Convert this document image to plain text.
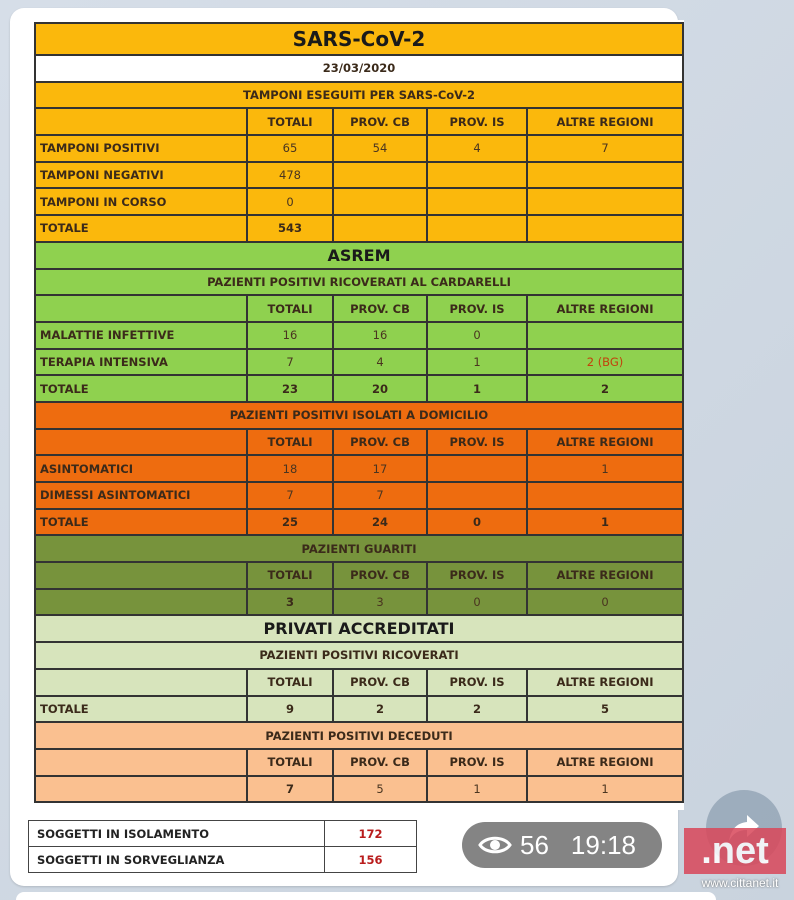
SARS-CoV-2				
23/03/2020				
TAMPONI ESEGUITI PER SARS-CoV-2				
	TOTALI	PROV. CB	PROV. IS	ALTRE REGIONI
TAMPONI POSITIVI	65	54	4	7
TAMPONI NEGATIVI	478			
TAMPONI IN CORSO	0			
TOTALE	543			
ASREM				
PAZIENTI POSITIVI RICOVERATI AL CARDARELLI				
	TOTALI	PROV. CB	PROV. IS	ALTRE REGIONI
MALATTIE INFETTIVE	16	16	0	
TERAPIA INTENSIVA	7	4	1	2 (BG)
TOTALE	23	20	1	2
PAZIENTI POSITIVI ISOLATI A DOMICILIO				
	TOTALI	PROV. CB	PROV. IS	ALTRE REGIONI
ASINTOMATICI	18	17		1
DIMESSI ASINTOMATICI	7	7		
TOTALE	25	24	0	1
PAZIENTI GUARITI				
	TOTALI	PROV. CB	PROV. IS	ALTRE REGIONI
	3	3	0	0
PRIVATI ACCREDITATI				
PAZIENTI POSITIVI RICOVERATI				
	TOTALI	PROV. CB	PROV. IS	ALTRE REGIONI
TOTALE	9	2	2	5
PAZIENTI POSITIVI DECEDUTI				
	TOTALI	PROV. CB	PROV. IS	ALTRE REGIONI
	7	5	1	1
SOGGETTI IN ISOLAMENTO	172
SOGGETTI IN SORVEGLIANZA	156	56 19:18	.net
www.cittanet.it
